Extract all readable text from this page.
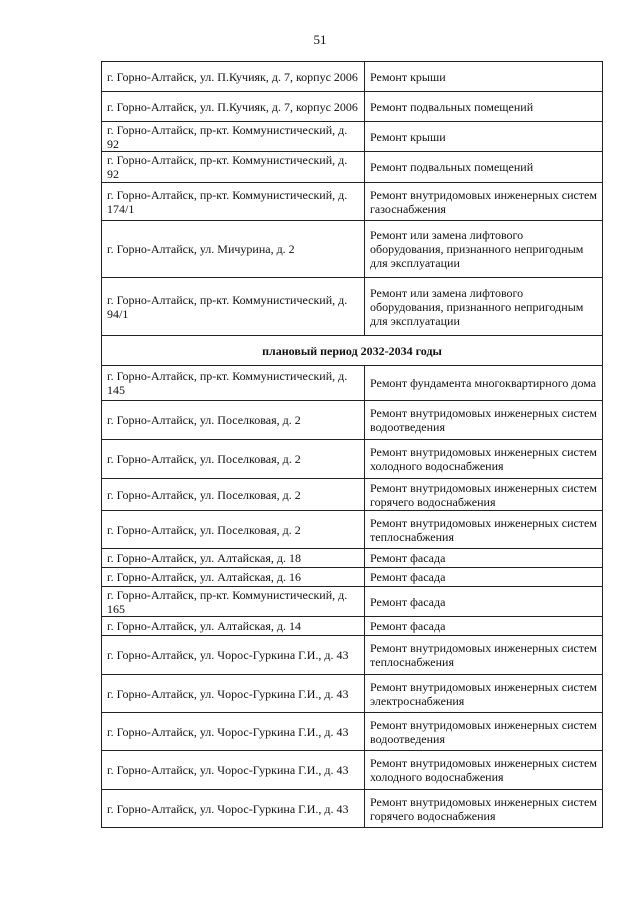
51
г. Горно-Алтайск, ул. П.Кучияк, д. 7, корпус 2006	Ремонт крыши
г. Горно-Алтайск, ул. П.Кучияк, д. 7, корпус 2006	Ремонт подвальных помещений
г. Горно-Алтайск, пр-кт. Коммунистический, д. 92	Ремонт крыши
г. Горно-Алтайск, пр-кт. Коммунистический, д. 92	Ремонт подвальных помещений
г. Горно-Алтайск, пр-кт. Коммунистический, д. 174/1	Ремонт внутридомовых инженерных систем газоснабжения
г. Горно-Алтайск, ул. Мичурина, д. 2	Ремонт или замена лифтового оборудования, признанного непригодным для эксплуатации
г. Горно-Алтайск, пр-кт. Коммунистический, д. 94/1	Ремонт или замена лифтового оборудования, признанного непригодным для эксплуатации
плановый период 2032-2034 годы	
г. Горно-Алтайск, пр-кт. Коммунистический, д. 145	Ремонт фундамента многоквартирного дома
г. Горно-Алтайск, ул. Поселковая, д. 2	Ремонт внутридомовых инженерных систем водоотведения
г. Горно-Алтайск, ул. Поселковая, д. 2	Ремонт внутридомовых инженерных систем холодного водоснабжения
г. Горно-Алтайск, ул. Поселковая, д. 2	Ремонт внутридомовых инженерных систем горячего водоснабжения
г. Горно-Алтайск, ул. Поселковая, д. 2	Ремонт внутридомовых инженерных систем теплоснабжения
г. Горно-Алтайск, ул. Алтайская, д. 18	Ремонт фасада
г. Горно-Алтайск, ул. Алтайская, д. 16	Ремонт фасада
г. Горно-Алтайск, пр-кт. Коммунистический, д. 165	Ремонт фасада
г. Горно-Алтайск, ул. Алтайская, д. 14	Ремонт фасада
г. Горно-Алтайск, ул. Чорос-Гуркина Г.И., д. 43	Ремонт внутридомовых инженерных систем теплоснабжения
г. Горно-Алтайск, ул. Чорос-Гуркина Г.И., д. 43	Ремонт внутридомовых инженерных систем электроснабжения
г. Горно-Алтайск, ул. Чорос-Гуркина Г.И., д. 43	Ремонт внутридомовых инженерных систем водоотведения
г. Горно-Алтайск, ул. Чорос-Гуркина Г.И., д. 43	Ремонт внутридомовых инженерных систем холодного водоснабжения
г. Горно-Алтайск, ул. Чорос-Гуркина Г.И., д. 43	Ремонт внутридомовых инженерных систем горячего водоснабжения
